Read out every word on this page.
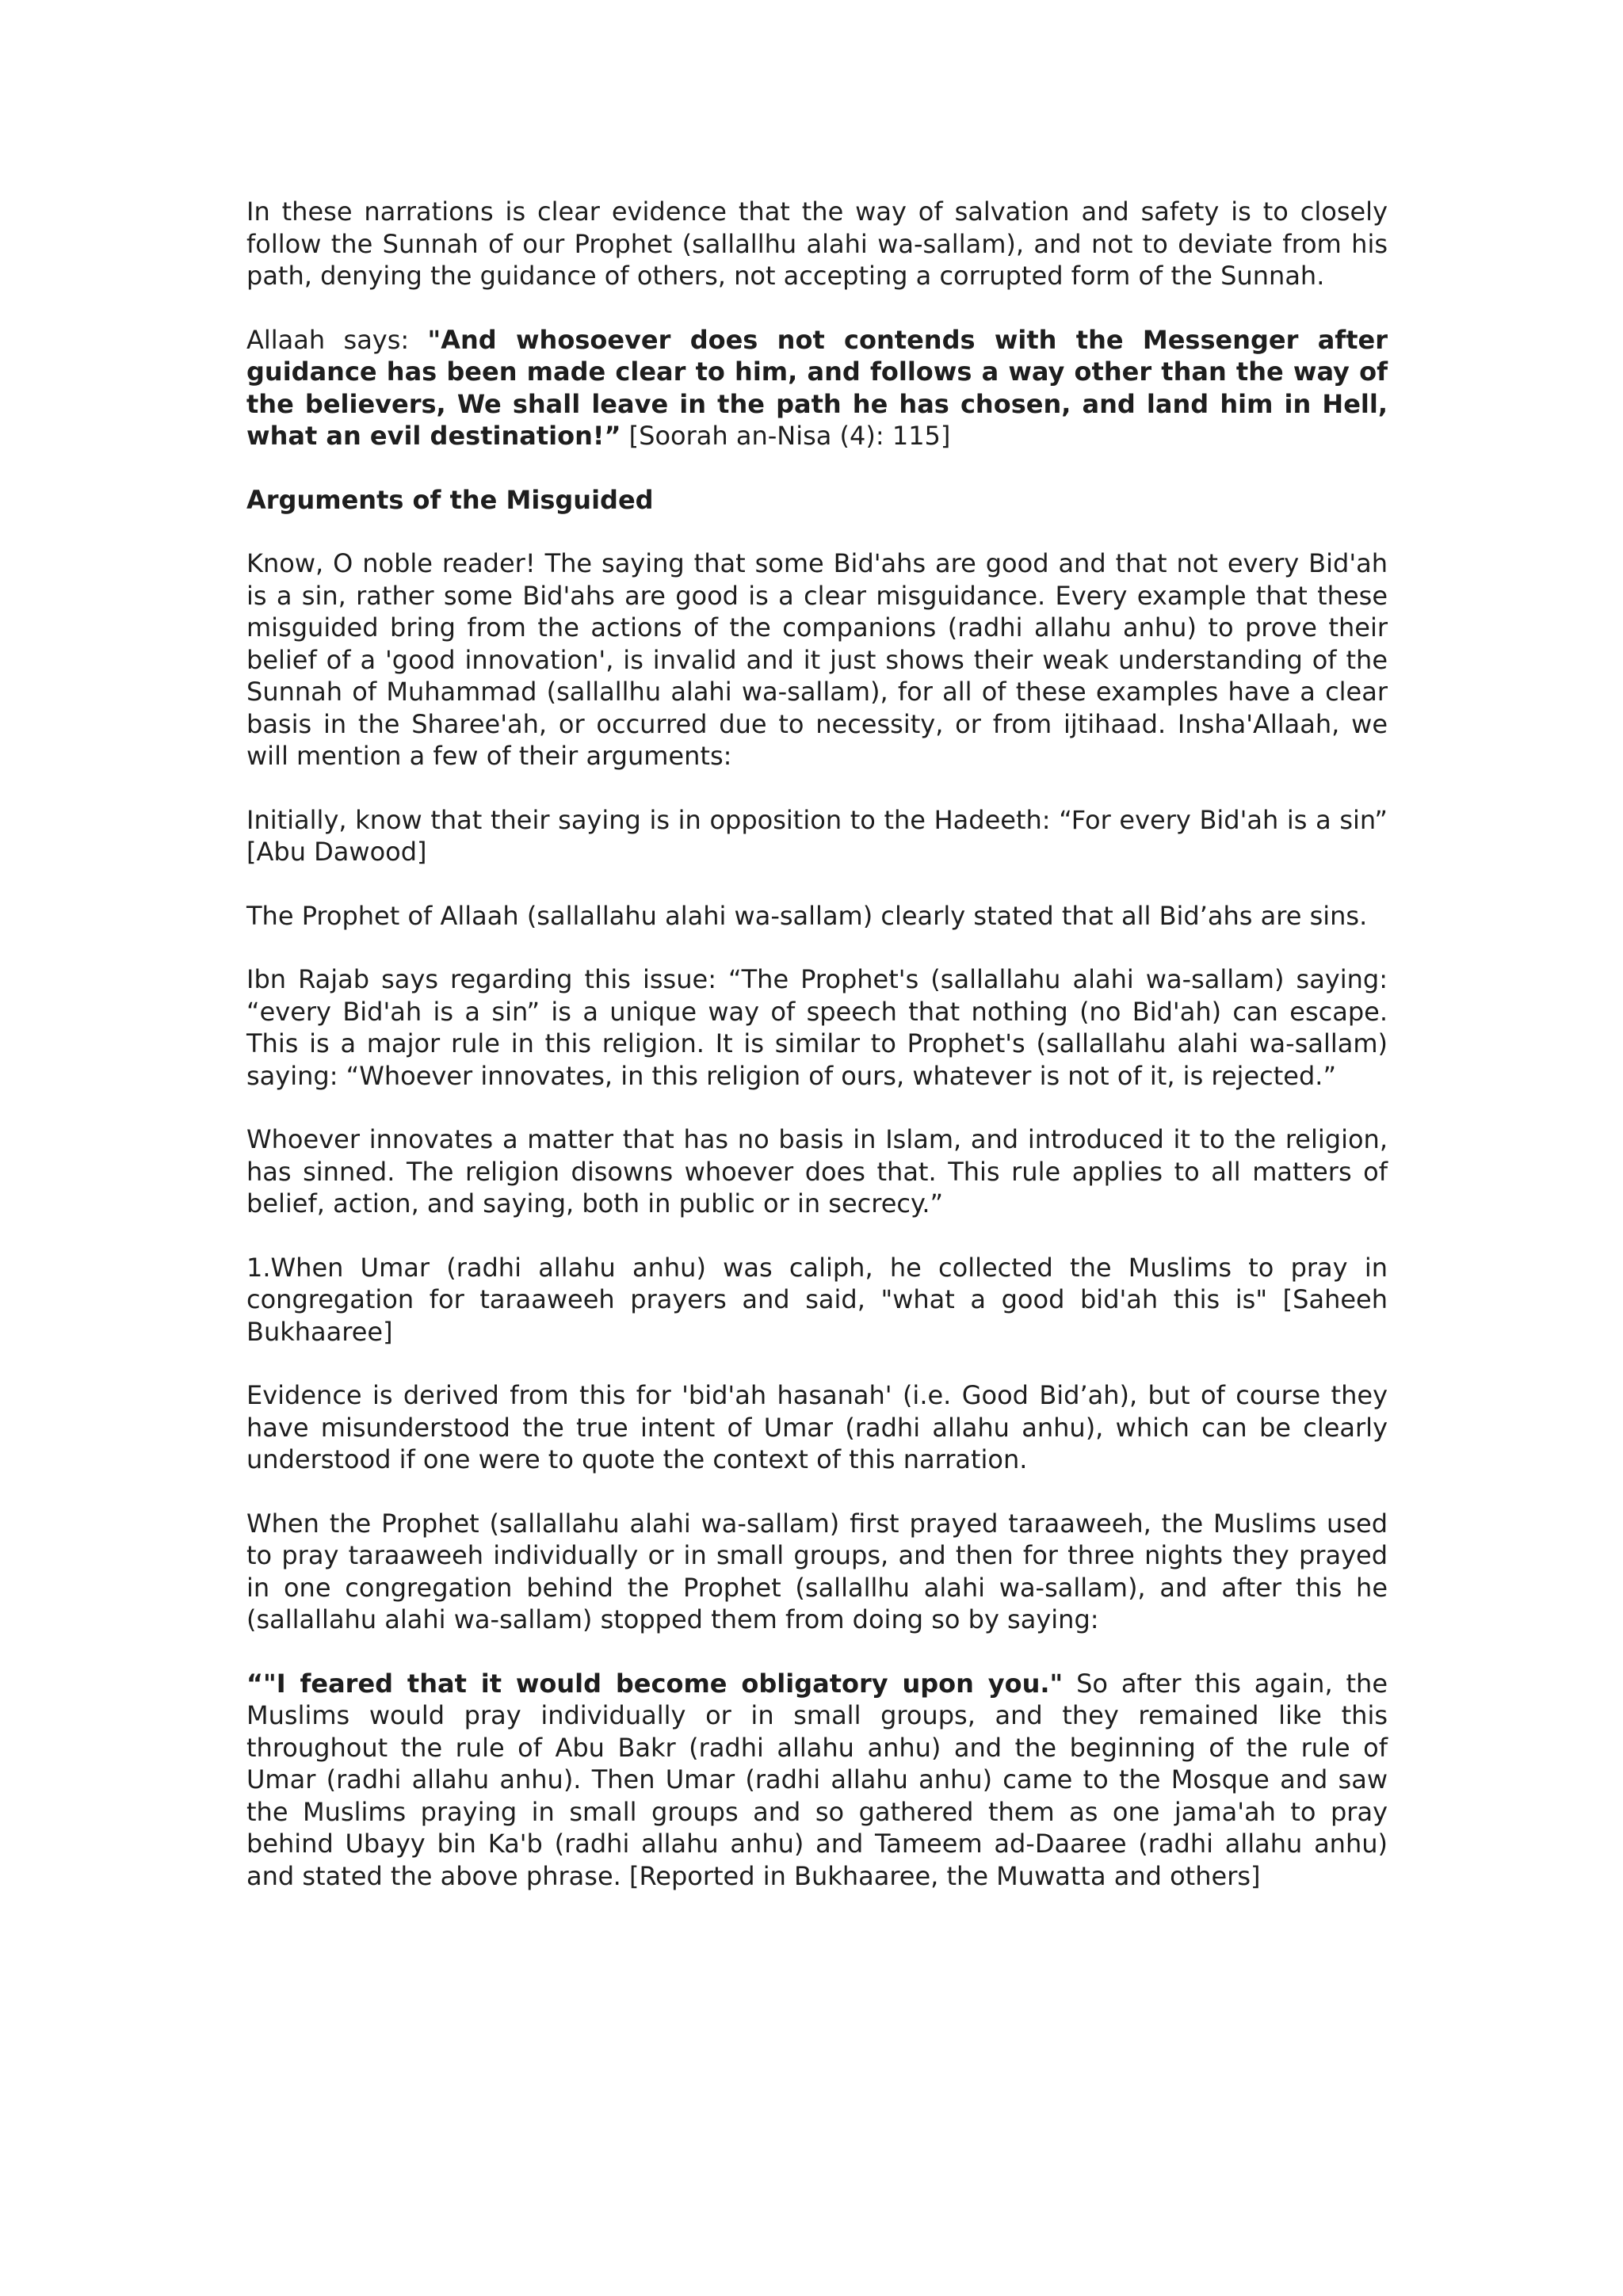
In these narrations is clear evidence that the way of salvation and safety is to closely follow the Sunnah of our Prophet (sallallhu alahi wa-sallam), and not to deviate from his path, denying the guidance of others, not accepting a corrupted form of the Sunnah.

Allaah says: "And whosoever does not contends with the Messenger after guidance has been made clear to him, and follows a way other than the way of the believers, We shall leave in the path he has chosen, and land him in Hell, what an evil destination!” [Soorah an-Nisa (4): 115]

Arguments of the Misguided

Know, O noble reader! The saying that some Bid'ahs are good and that not every Bid'ah is a sin, rather some Bid'ahs are good is a clear misguidance. Every example that these misguided bring from the actions of the companions (radhi allahu anhu) to prove their belief of a 'good innovation', is invalid and it just shows their weak understanding of the Sunnah of Muhammad (sallallhu alahi wa-sallam), for all of these examples have a clear basis in the Sharee'ah, or occurred due to necessity, or from ijtihaad. Insha'Allaah, we will mention a few of their arguments:

Initially, know that their saying is in opposition to the Hadeeth: “For every Bid'ah is a sin” [Abu Dawood]

The Prophet of Allaah (sallallahu alahi wa-sallam) clearly stated that all Bid’ahs are sins.

Ibn Rajab says regarding this issue: “The Prophet's (sallallahu alahi wa-sallam) saying: “every Bid'ah is a sin” is a unique way of speech that nothing (no Bid'ah) can escape. This is a major rule in this religion. It is similar to Prophet's (sallallahu alahi wa-sallam) saying: “Whoever innovates, in this religion of ours, whatever is not of it, is rejected.”

Whoever innovates a matter that has no basis in Islam, and introduced it to the religion, has sinned. The religion disowns whoever does that. This rule applies to all matters of belief, action, and saying, both in public or in secrecy.”

1.When Umar (radhi allahu anhu) was caliph, he collected the Muslims to pray in congregation for taraaweeh prayers and said, "what a good bid'ah this is" [Saheeh Bukhaaree]

Evidence is derived from this for 'bid'ah hasanah' (i.e. Good Bid’ah), but of course they have misunderstood the true intent of Umar (radhi allahu anhu), which can be clearly understood if one were to quote the context of this narration.

When the Prophet (sallallahu alahi wa-sallam) first prayed taraaweeh, the Muslims used to pray taraaweeh individually or in small groups, and then for three nights they prayed in one congregation behind the Prophet (sallallhu alahi wa-sallam), and after this he (sallallahu alahi wa-sallam) stopped them from doing so by saying:

“"I feared that it would become obligatory upon you." So after this again, the Muslims would pray individually or in small groups, and they remained like this throughout the rule of Abu Bakr (radhi allahu anhu) and the beginning of the rule of Umar (radhi allahu anhu). Then Umar (radhi allahu anhu) came to the Mosque and saw the Muslims praying in small groups and so gathered them as one jama'ah to pray behind Ubayy bin Ka'b (radhi allahu anhu) and Tameem ad-Daaree (radhi allahu anhu) and stated the above phrase. [Reported in Bukhaaree, the Muwatta and others]
